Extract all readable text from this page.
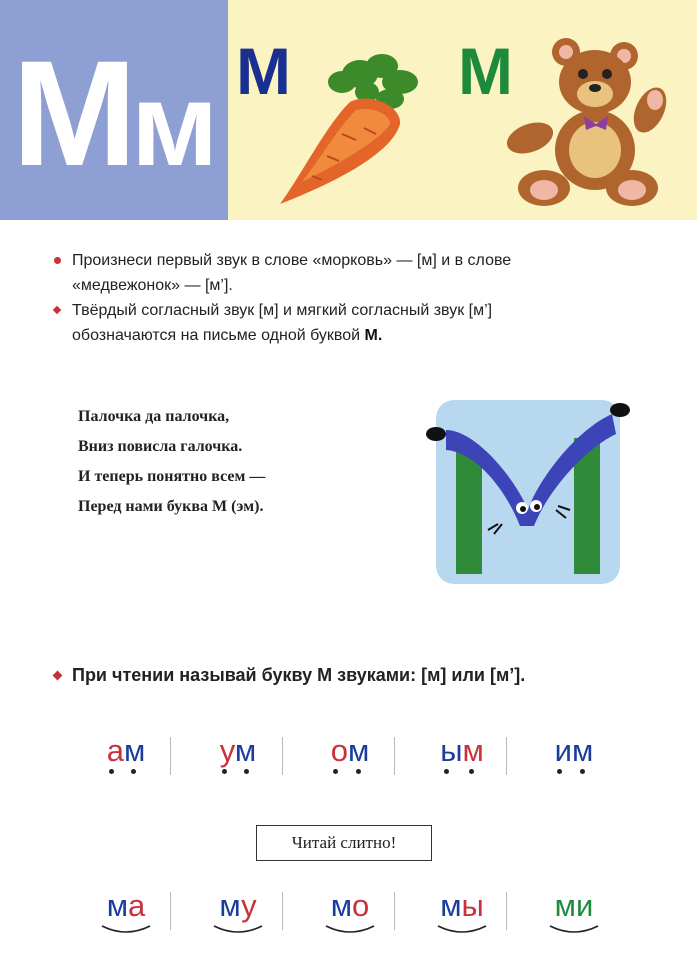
Мм М	М
Произнеси первый звук в слове «морковь» — [м] и в слове
«медвежонок» — [м’].
Твёрдый согласный звук [м] и мягкий согласный звук [м’]
обозначаются на письме одной буквой М.
Палочка да палочка,
Вниз повисла галочка.
И теперь понятно всем —
Перед нами буква М (эм).
При чтении называй букву М звуками: [м] или [м’].
ам	ум	ом	ым	им
Читай слитно!
ма	му	мо	мы	ми
